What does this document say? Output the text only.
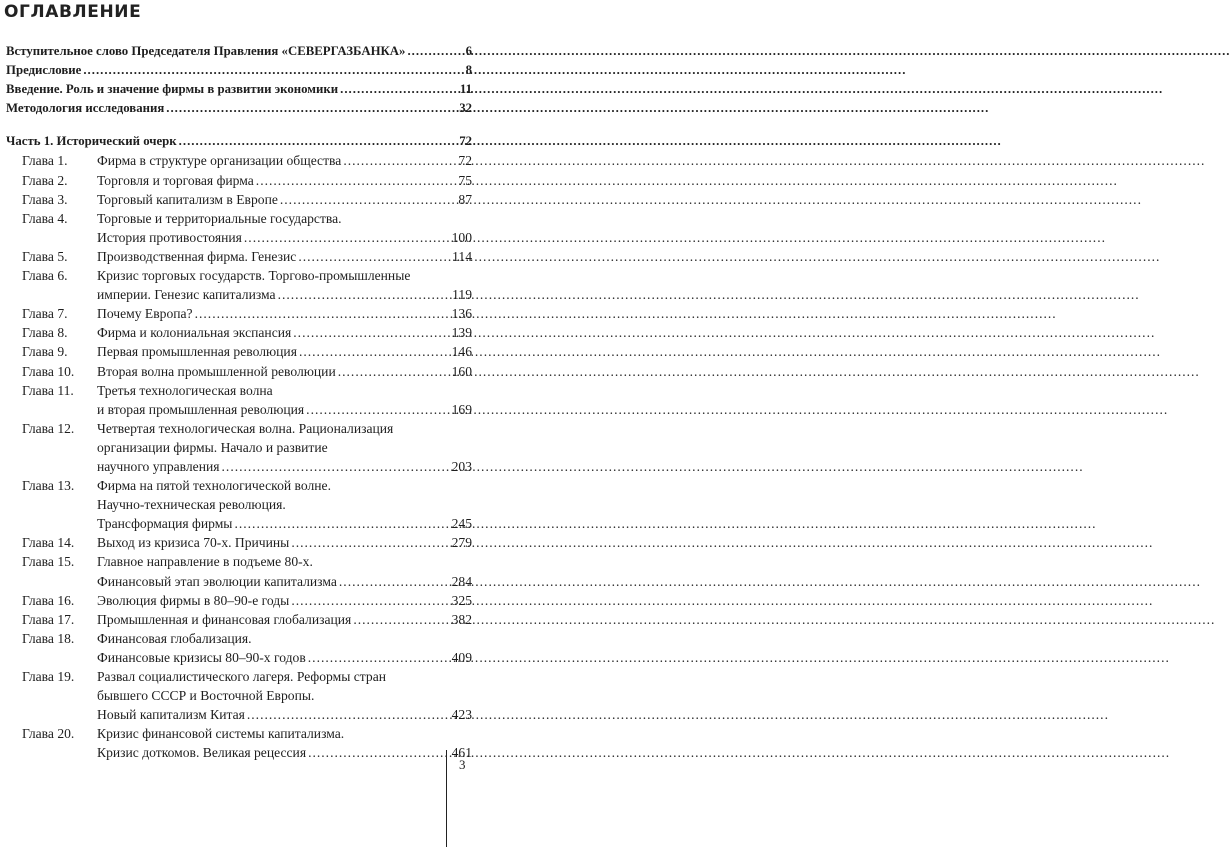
ОГЛАВЛЕНИЕ
Вступительное слово Председателя Правления «СЕВЕРГАЗБАНКА» .....	6
Предисловие .....	8
Введение. Роль и значение фирмы в развитии экономики .....	11
Методология исследования .....	32
Часть 1. Исторический очерк .....	72
Глава 1.	Фирма в структуре организации общества .....	72
Глава 2.	Торговля и торговая фирма .....	75
Глава 3.	Торговый капитализм в Европе .....	87
Глава 4.	Торговые и территориальные государства.
История противостояния .....	100
Глава 5.	Производственная фирма. Генезис .....	114
Глава 6.	Кризис торговых государств. Торгово-промышленные
империи. Генезис капитализма .....	119
Глава 7.	Почему Европа? .....	136
Глава 8.	Фирма и колониальная экспансия .....	139
Глава 9.	Первая промышленная революция .....	146
Глава 10.	Вторая волна промышленной революции .....	160
Глава 11.	Третья технологическая волна
и вторая промышленная революция .....	169
Глава 12.	Четвертая технологическая волна. Рационализация
организации фирмы. Начало и развитие
научного управления .....	203
Глава 13.	Фирма на пятой технологической волне.
Научно-техническая революция.
Трансформация фирмы .....	245
Глава 14.	Выход из кризиса 70-х. Причины .....	279
Глава 15.	Главное направление в подъеме 80-х.
Финансовый этап эволюции капитализма .....	284
Глава 16.	Эволюция фирмы в 80–90-е годы .....	325
Глава 17.	Промышленная и финансовая глобализация .....	382
Глава 18.	Финансовая глобализация.
Финансовые кризисы 80–90-х годов .....	409
Глава 19.	Развал социалистического лагеря. Реформы стран
бывшего СССР и Восточной Европы.
Новый капитализм Китая .....	423
Глава 20.	Кризис финансовой системы капитализма.
Кризис доткомов. Великая рецессия .....	461
3
